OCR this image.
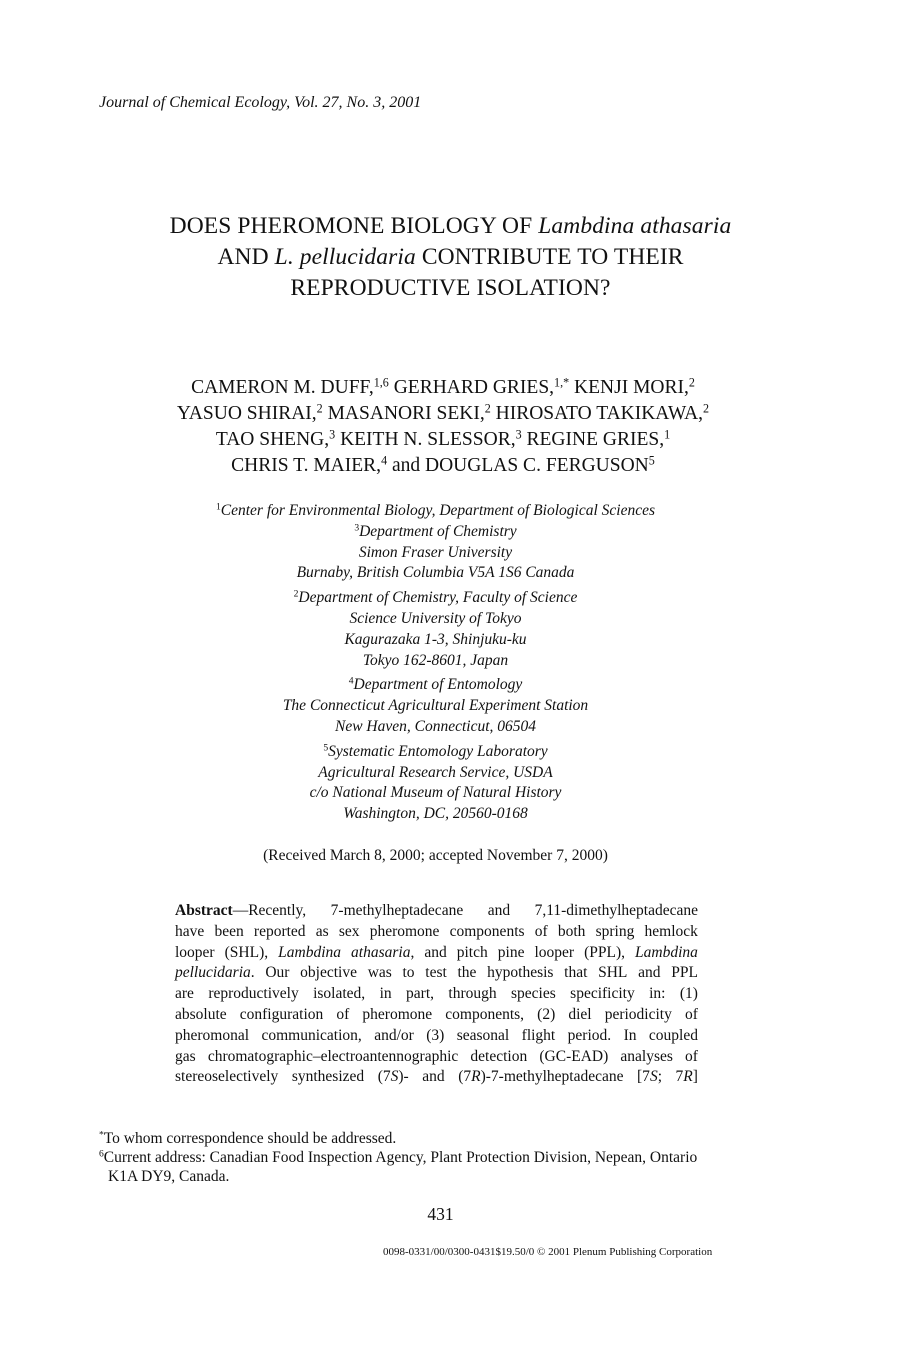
Journal of Chemical Ecology, Vol. 27, No. 3, 2001
DOES PHEROMONE BIOLOGY OF Lambdina athasaria
AND L. pellucidaria CONTRIBUTE TO THEIR
REPRODUCTIVE ISOLATION?
CAMERON M. DUFF,$^{1,6}$ GERHARD GRIES,$^{1,*}$ KENJI MORI,$^2$
YASUO SHIRAI,$^2$ MASANORI SEKI,$^2$ HIROSATO TAKIKAWA,$^2$
TAO SHENG,$^3$ KEITH N. SLESSOR,$^3$ REGINE GRIES,$^1$
CHRIS T. MAIER,$^4$ and DOUGLAS C. FERGUSON$^5$
$^1$Center for Environmental Biology, Department of Biological Sciences
$^3$Department of Chemistry
Simon Fraser University
Burnaby, British Columbia V5A 1S6 Canada
$^2$Department of Chemistry, Faculty of Science
Science University of Tokyo
Kagurazaka 1-3, Shinjuku-ku
Tokyo 162-8601, Japan
$^4$Department of Entomology
The Connecticut Agricultural Experiment Station
New Haven, Connecticut, 06504
$^5$Systematic Entomology Laboratory
Agricultural Research Service, USDA
c/o National Museum of Natural History
Washington, DC, 20560-0168
(Received March 8, 2000; accepted November 7, 2000)
Abstract—Recently, 7-methylheptadecane and 7,11-dimethylheptadecane
have been reported as sex pheromone components of both spring hemlock
looper (SHL), Lambdina athasaria, and pitch pine looper (PPL), Lambdina
pellucidaria. Our objective was to test the hypothesis that SHL and PPL
are reproductively isolated, in part, through species specificity in: (1)
absolute configuration of pheromone components, (2) diel periodicity of
pheromonal communication, and/or (3) seasonal flight period. In coupled
gas chromatographic–electroantennographic detection (GC-EAD) analyses of
stereoselectively synthesized (7S)- and (7R)-7-methylheptadecane [7S; 7R]
*To whom correspondence should be addressed.
$^6$Current address: Canadian Food Inspection Agency, Plant Protection Division, Nepean, Ontario
K1A DY9, Canada.
431
0098-0331/00/0300-0431$19.50/0 © 2001 Plenum Publishing Corporation
